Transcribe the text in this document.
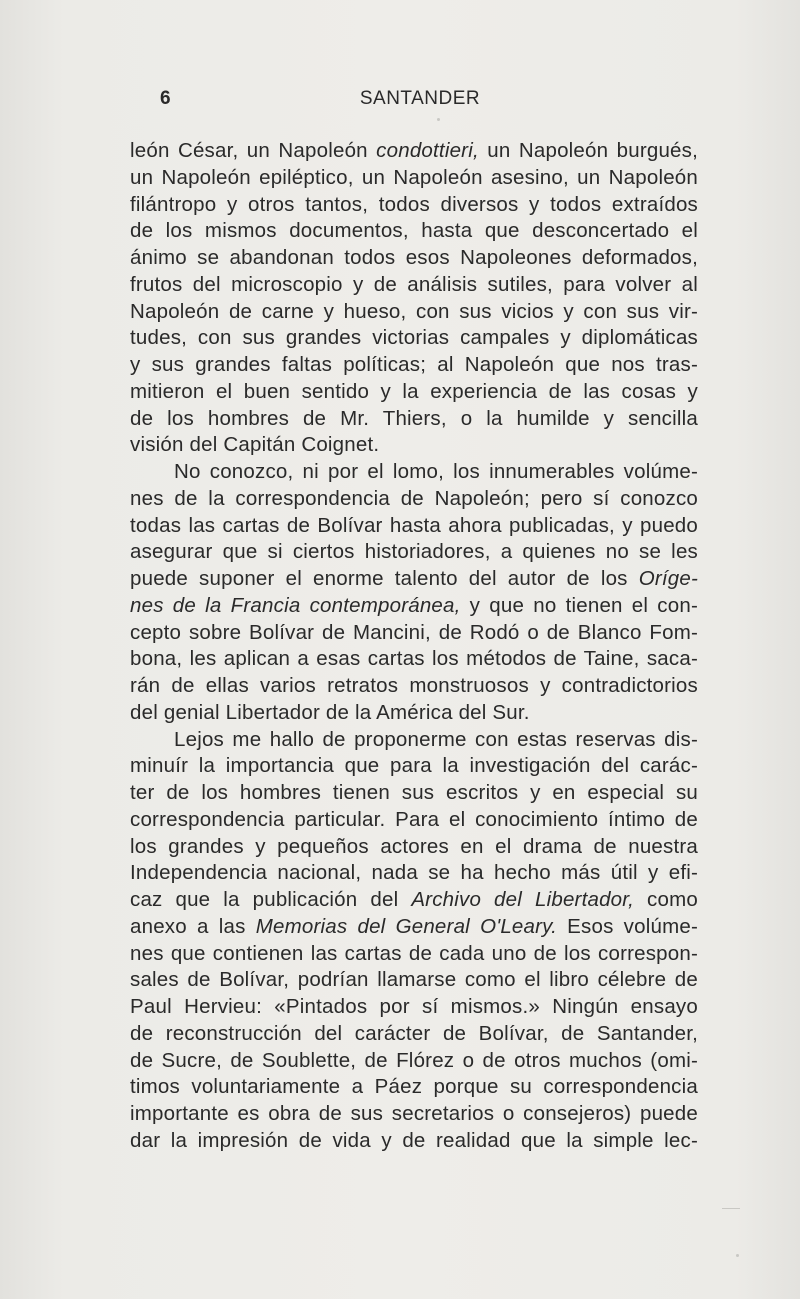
6	SANTANDER
león César, un Napoleón condottieri, un Napoleón burgués,
un Napoleón epiléptico, un Napoleón asesino, un Napoleón
filántropo y otros tantos, todos diversos y todos extraídos
de los mismos documentos, hasta que desconcertado el
ánimo se abandonan todos esos Napoleones deformados,
frutos del microscopio y de análisis sutiles, para volver al
Napoleón de carne y hueso, con sus vicios y con sus vir-
tudes, con sus grandes victorias campales y diplomáticas
y sus grandes faltas políticas; al Napoleón que nos tras-
mitieron el buen sentido y la experiencia de las cosas y
de los hombres de Mr. Thiers, o la humilde y sencilla
visión del Capitán Coignet.
No conozco, ni por el lomo, los innumerables volúme-
nes de la correspondencia de Napoleón; pero sí conozco
todas las cartas de Bolívar hasta ahora publicadas, y puedo
asegurar que si ciertos historiadores, a quienes no se les
puede suponer el enorme talento del autor de los Oríge-
nes de la Francia contemporánea, y que no tienen el con-
cepto sobre Bolívar de Mancini, de Rodó o de Blanco Fom-
bona, les aplican a esas cartas los métodos de Taine, saca-
rán de ellas varios retratos monstruosos y contradictorios
del genial Libertador de la América del Sur.
Lejos me hallo de proponerme con estas reservas dis-
minuír la importancia que para la investigación del carác-
ter de los hombres tienen sus escritos y en especial su
correspondencia particular. Para el conocimiento íntimo de
los grandes y pequeños actores en el drama de nuestra
Independencia nacional, nada se ha hecho más útil y efi-
caz que la publicación del Archivo del Libertador, como
anexo a las Memorias del General O'Leary. Esos volúme-
nes que contienen las cartas de cada uno de los correspon-
sales de Bolívar, podrían llamarse como el libro célebre de
Paul Hervieu: «Pintados por sí mismos.» Ningún ensayo
de reconstrucción del carácter de Bolívar, de Santander,
de Sucre, de Soublette, de Flórez o de otros muchos (omi-
timos voluntariamente a Páez porque su correspondencia
importante es obra de sus secretarios o consejeros) puede
dar la impresión de vida y de realidad que la simple lec-
